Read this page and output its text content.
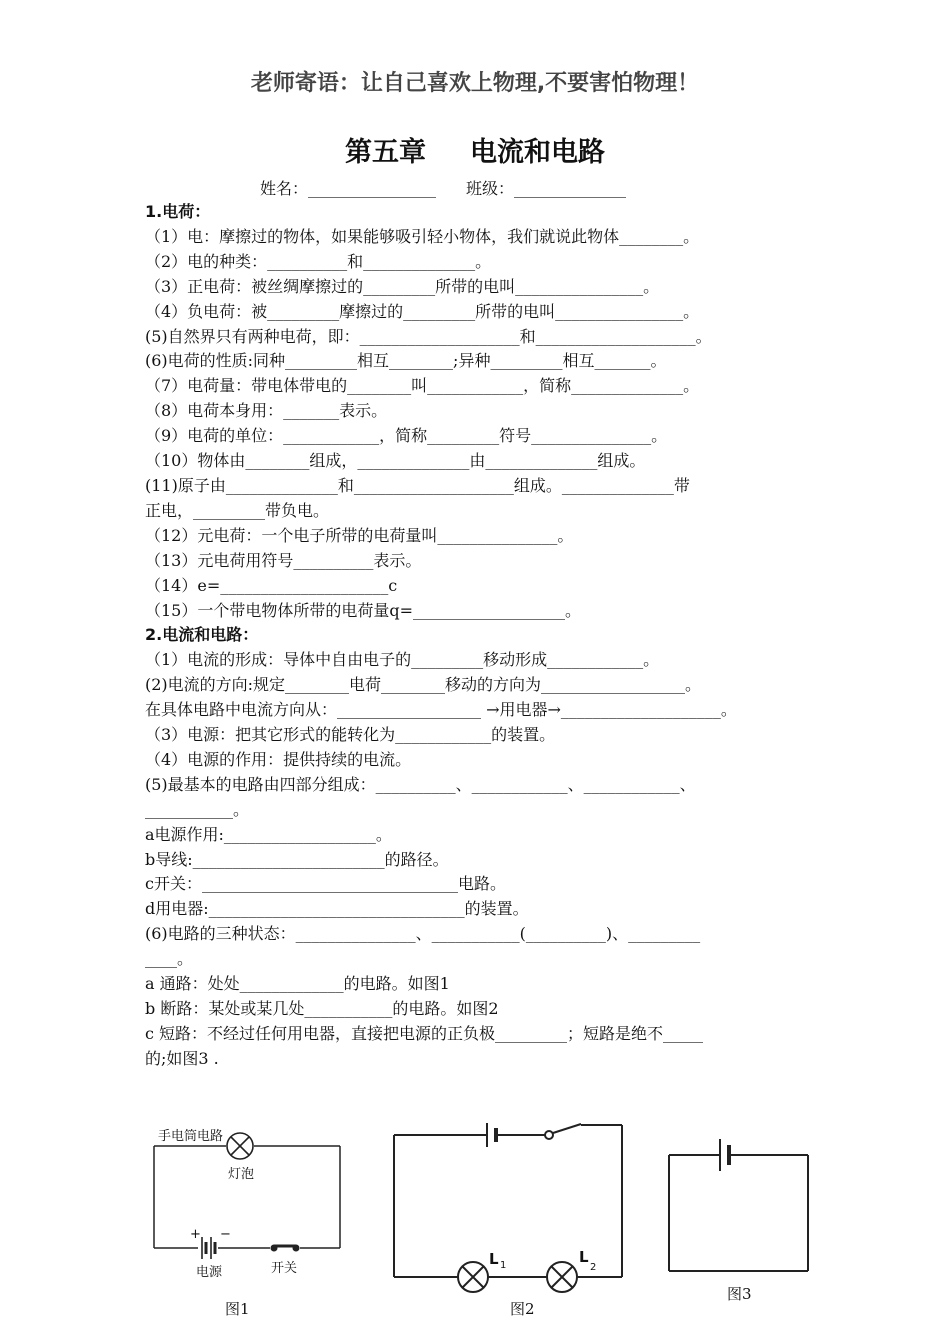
老师寄语：让自己喜欢上物理,不要害怕物理！
第五章 电流和电路
姓名：________________ 班级：______________

1.电荷：

（1）电：摩擦过的物体，如果能够吸引轻小物体，我们就说此物体________。

（2）电的种类：__________和______________。

（3）正电荷：被丝绸摩擦过的_________所带的电叫________________。

（4）负电荷：被_________摩擦过的_________所带的电叫________________。

(5)自然界只有两种电荷，即：____________________和____________________。

(6)电荷的性质:同种_________相互________;异种_________相互_______。

（7）电荷量：带电体带电的________叫____________，简称______________。

（8）电荷本身用：_______表示。

（9）电荷的单位：____________，简称_________符号_______________。

（10）物体由________组成，______________由______________组成。

(11)原子由______________和____________________组成。______________带

正电，_________带负电。

（12）元电荷：一个电子所带的电荷量叫_______________。

（13）元电荷用符号__________表示。

（14）e=_____________________c

（15）一个带电物体所带的电荷量q=___________________。

2.电流和电路：

（1）电流的形成：导体中自由电子的_________移动形成____________。

(2)电流的方向:规定________电荷________移动的方向为__________________。

在具体电路中电流方向从：__________________ →用电器→____________________。

（3）电源：把其它形式的能转化为____________的装置。

（4）电源的作用：提供持续的电流。

(5)最基本的电路由四部分组成：__________、____________、____________、

___________。

a电源作用:___________________。

b导线:________________________的路径。

c开关：________________________________电路。

d用电器:________________________________的装置。

(6)电路的三种状态：_______________、___________(__________)、_________

____。

a 通路：处处_____________的电路。如图1

b 断路：某处或某几处___________的电路。如图2

c 短路：不经过任何用电器，直接把电源的正负极_________；短路是绝不_____

的;如图3 .

手电筒电路
灯泡
+ −
电源	开关
图1
L 1	L
2
图2
图3
